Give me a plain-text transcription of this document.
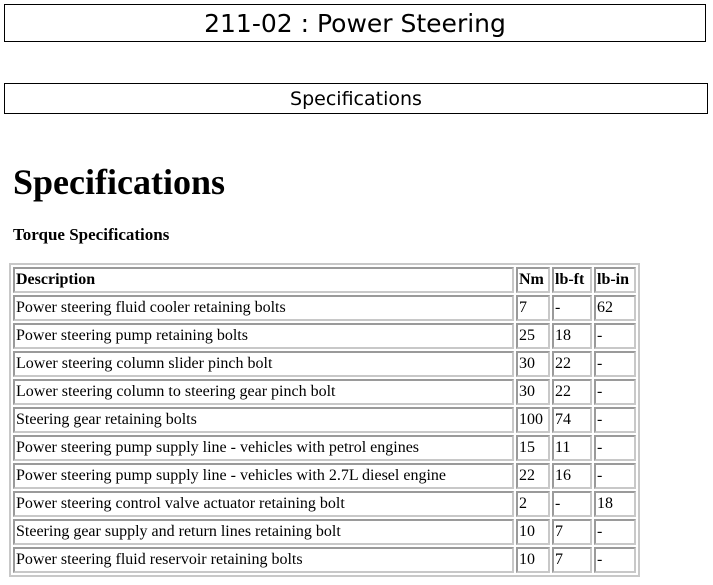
211-02 : Power Steering
Specifications
Specifications
Torque Specifications
Description	Nm	lb-ft	lb-in
Power steering fluid cooler retaining bolts	7	-	62
Power steering pump retaining bolts	25	18	-
Lower steering column slider pinch bolt	30	22	-
Lower steering column to steering gear pinch bolt	30	22	-
Steering gear retaining bolts	100	74	-
Power steering pump supply line - vehicles with petrol engines	15	11	-
Power steering pump supply line - vehicles with 2.7L diesel engine	22	16	-
Power steering control valve actuator retaining bolt	2	-	18
Steering gear supply and return lines retaining bolt	10	7	-
Power steering fluid reservoir retaining bolts	10	7	-
